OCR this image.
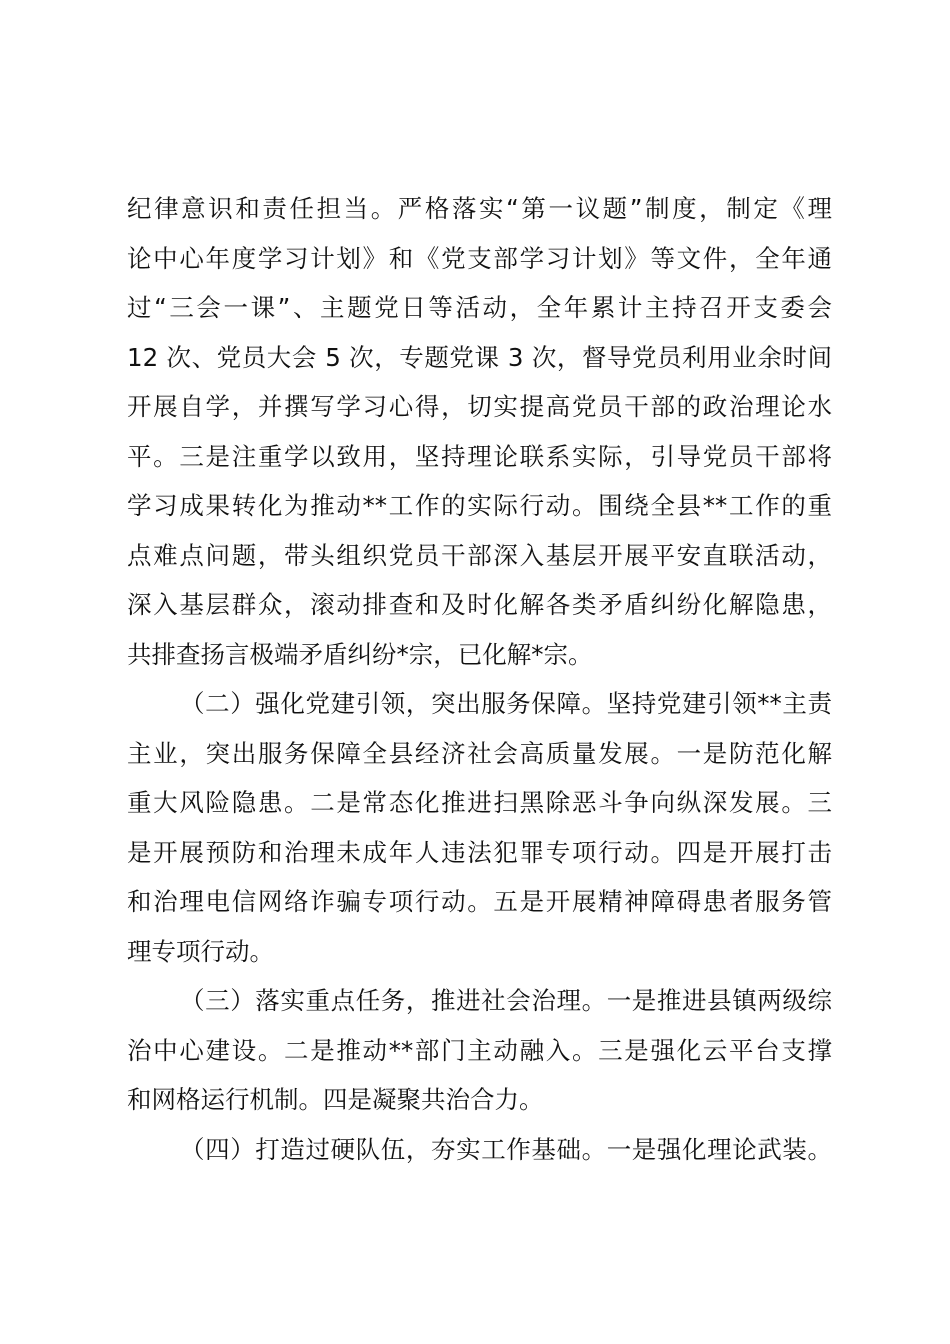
纪律意识和责任担当。严格落实“第一议题”制度，制定《理
论中心年度学习计划》和《党支部学习计划》等文件，全年通
过“三会一课”、主题党日等活动，全年累计主持召开支委会
12 次、党员大会 5 次，专题党课 3 次，督导党员利用业余时间
开展自学，并撰写学习心得，切实提高党员干部的政治理论水
平。三是注重学以致用，坚持理论联系实际，引导党员干部将
学习成果转化为推动**工作的实际行动。围绕全县**工作的重
点难点问题，带头组织党员干部深入基层开展平安直联活动，
深入基层群众，滚动排查和及时化解各类矛盾纠纷化解隐患，
共排查扬言极端矛盾纠纷*宗，已化解*宗。
（二）强化党建引领，突出服务保障。坚持党建引领**主责
主业，突出服务保障全县经济社会高质量发展。一是防范化解
重大风险隐患。二是常态化推进扫黑除恶斗争向纵深发展。三
是开展预防和治理未成年人违法犯罪专项行动。四是开展打击
和治理电信网络诈骗专项行动。五是开展精神障碍患者服务管
理专项行动。
（三）落实重点任务，推进社会治理。一是推进县镇两级综
治中心建设。二是推动**部门主动融入。三是强化云平台支撑
和网格运行机制。四是凝聚共治合力。
（四）打造过硬队伍，夯实工作基础。一是强化理论武装。
